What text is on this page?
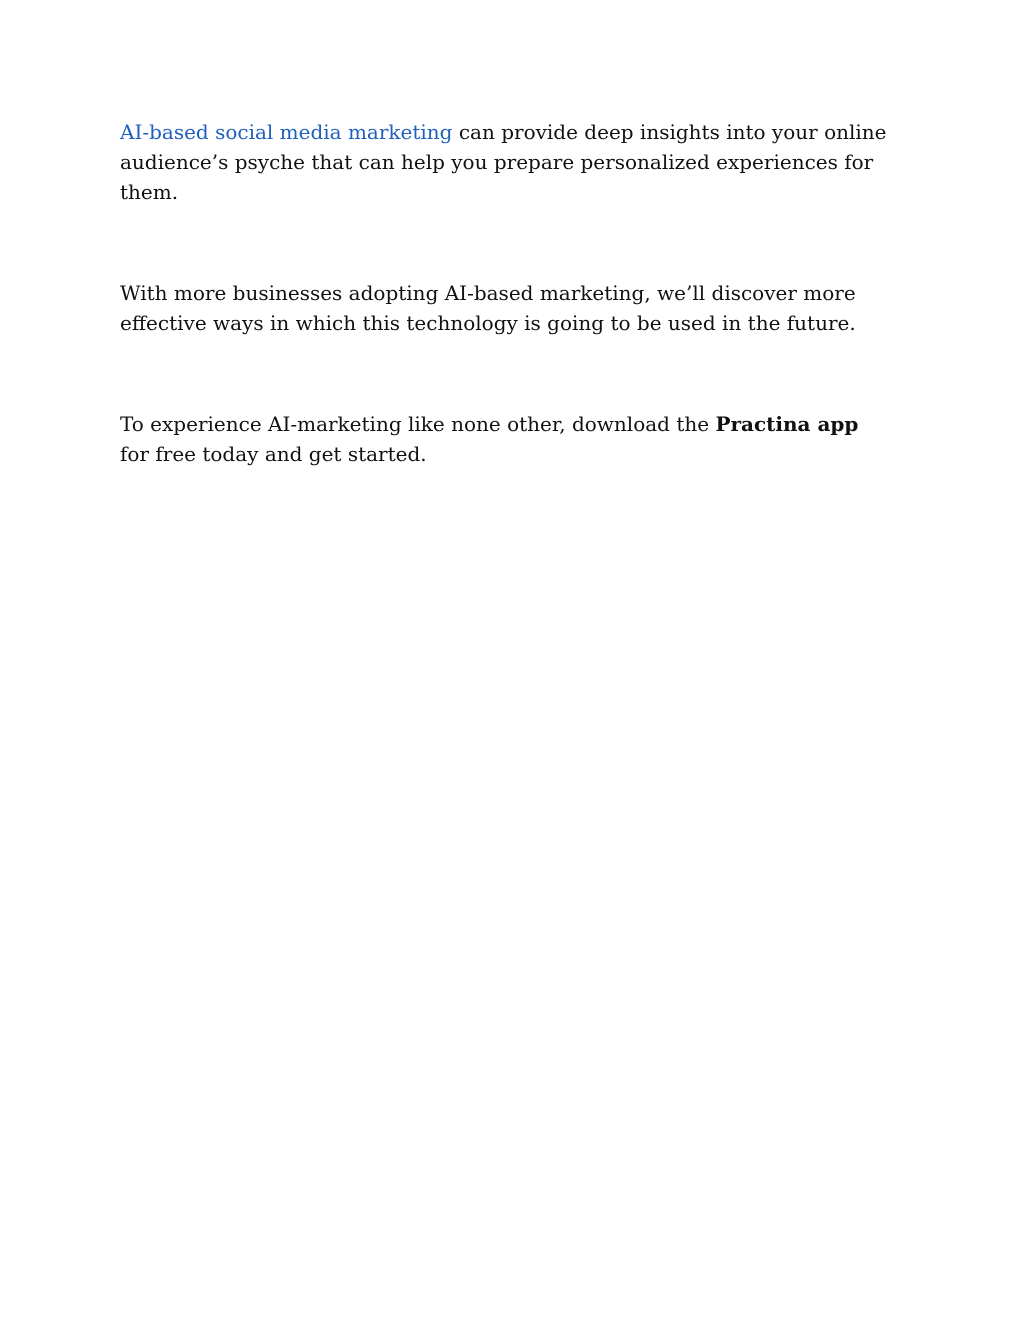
AI-based social media marketing can provide deep insights into your online audience’s psyche that can help you prepare personalized experiences for them.

With more businesses adopting AI-based marketing, we’ll discover more effective ways in which this technology is going to be used in the future.

To experience AI-marketing like none other, download the Practina app for free today and get started.
